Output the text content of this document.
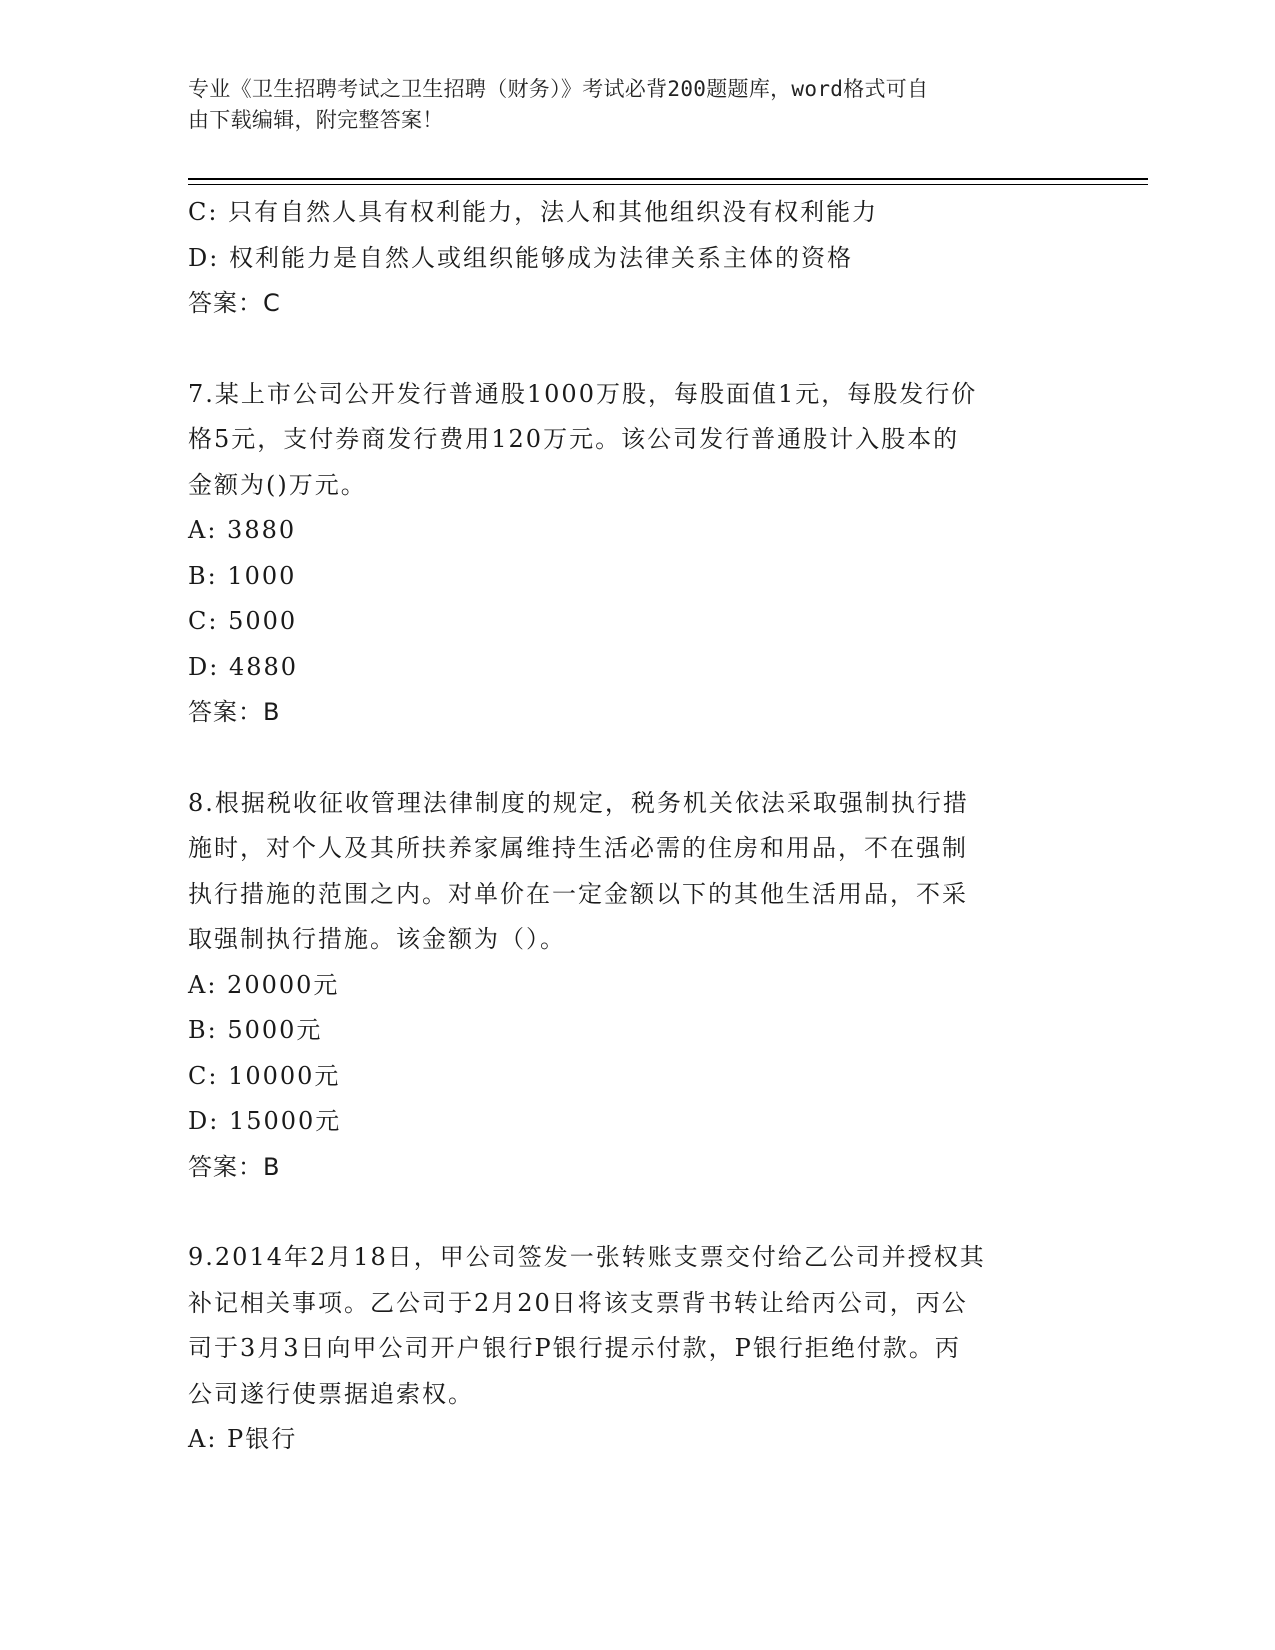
专业《卫生招聘考试之卫生招聘（财务）》考试必背200题题库，word格式可自
由下载编辑，附完整答案！
C: 只有自然人具有权利能力，法人和其他组织没有权利能力
D: 权利能力是自然人或组织能够成为法律关系主体的资格
答案：C
7.某上市公司公开发行普通股1000万股，每股面值1元，每股发行价
格5元，支付券商发行费用120万元。该公司发行普通股计入股本的
金额为()万元。
A: 3880
B: 1000
C: 5000
D: 4880
答案：B
8.根据税收征收管理法律制度的规定，税务机关依法采取强制执行措
施时，对个人及其所扶养家属维持生活必需的住房和用品，不在强制
执行措施的范围之内。对单价在一定金额以下的其他生活用品，不采
取强制执行措施。该金额为（）。
A: 20000元
B: 5000元
C: 10000元
D: 15000元
答案：B
9.2014年2月18日，甲公司签发一张转账支票交付给乙公司并授权其
补记相关事项。乙公司于2月20日将该支票背书转让给丙公司，丙公
司于3月3日向甲公司开户银行P银行提示付款，P银行拒绝付款。丙
公司遂行使票据追索权。
A: P银行
